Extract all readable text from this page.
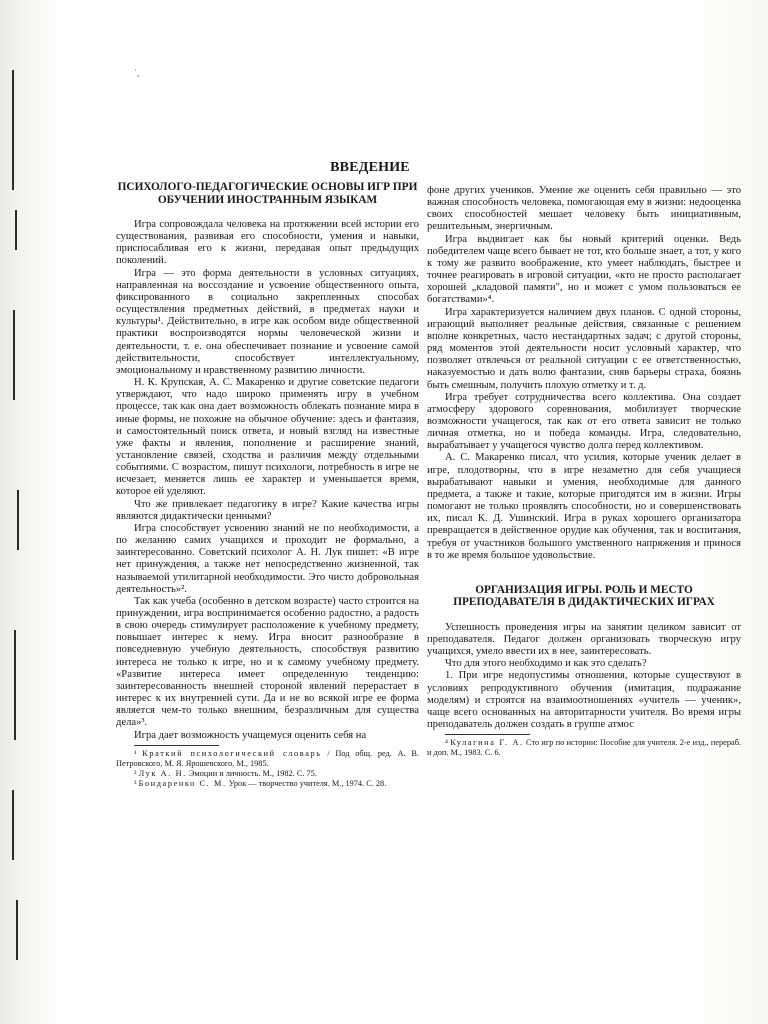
˙,
ВВЕДЕНИЕ
ПСИХОЛОГО-ПЕДАГОГИЧЕСКИЕ ОСНОВЫ ИГР ПРИ ОБУЧЕНИИ ИНОСТРАННЫМ ЯЗЫКАМ

Игра сопровождала человека на протяжении всей истории его существования, развивая его способности, умения и навыки, приспосабливая его к жизни, передавая опыт предыдущих поколений.

Игра — это форма деятельности в условных ситуациях, направленная на воссоздание и усвоение общественного опыта, фиксированного в социально закрепленных способах осуществления предметных действий, в предметах науки и культуры¹. Действительно, в игре как особом виде общественной практики воспроизводятся нормы человеческой жизни и деятельности, т. е. она обеспечивает познание и усвоение самой действительности, способствует интеллектуальному, эмоциональному и нравственному развитию личности.

Н. К. Крупская, А. С. Макаренко и другие советские педагоги утверждают, что надо широко применять игру в учебном процессе, так как она дает возможность облекать познание мира в иные формы, не похожие на обычное обучение: здесь и фантазия, и самостоятельный поиск ответа, и новый взгляд на известные уже факты и явления, пополнение и расширение знаний, установление связей, сходства и различия между отдельными событиями. С возрастом, пишут психологи, потребность в игре не исчезает, меняется лишь ее характер и уменьшается время, которое ей уделяют.

Что же привлекает педагогику в игре? Какие качества игры являются дидактически ценными?

Игра способствует усвоению знаний не по необходимости, а по желанию самих учащихся и проходит не формально, а заинтересованно. Советский психолог А. Н. Лук пишет: «В игре нет принуждения, а также нет непосредственно жизненной, так называемой утилитарной необходимости. Это чисто добровольная деятельность»².

Так как учеба (особенно в детском возрасте) часто строится на принуждении, игра воспринимается особенно радостно, а радость в свою очередь стимулирует расположение к учебному предмету, повышает интерес к нему. Игра вносит разнообразие в повседневную учебную деятельность, способствуя развитию интереса не только к игре, но и к самому учебному предмету. «Развитие интереса имеет определенную тенденцию: заинтересованность внешней стороной явлений перерастает в интерес к их внутренней сути. Да и не во всякой игре ее форма является чем-то только внешним, безразличным для существа дела»³.

Игра дает возможность учащемуся оценить себя на

¹ Краткий психологический словарь / Под общ. ред. А. В. Петровского, М. Я. Ярошевского. М., 1985.

² Лук А. Н. Эмоции и личность. М., 1982. С. 75.

³ Бондаренко С. М. Урок — творчество учителя. М., 1974. С. 28.

фоне других учеников. Умение же оценить себя правильно — это важная способность человека, помогающая ему в жизни: недооценка своих способностей мешает человеку быть инициативным, решительным, энергичным.

Игра выдвигает как бы новый критерий оценки. Ведь победителем чаще всего бывает не тот, кто больше знает, а тот, у кого к тому же развито воображение, кто умеет наблюдать, быстрее и точнее реагировать в игровой ситуации, «кто не просто располагает хорошей „кладовой памяти", но и может с умом пользоваться ее богатствами»⁴.

Игра характеризуется наличием двух планов. С одной стороны, играющий выполняет реальные действия, связанные с решением вполне конкретных, часто нестандартных задач; с другой стороны, ряд моментов этой деятельности носит условный характер, что позволяет отвлечься от реальной ситуации с ее ответственностью, наказуемостью и дать волю фантазии, сняв барьеры страха, боязнь быть смешным, получить плохую отметку и т. д.

Игра требует сотрудничества всего коллектива. Она создает атмосферу здорового соревнования, мобилизует творческие возможности учащегося, так как от его ответа зависит не только личная отметка, но и победа команды. Игра, следовательно, вырабатывает у учащегося чувство долга перед коллективом.

А. С. Макаренко писал, что усилия, которые ученик делает в игре, плодотворны, что в игре незаметно для себя учащиеся вырабатывают навыки и умения, необходимые для данного предмета, а также и такие, которые пригодятся им в жизни. Игры помогают не только проявлять способности, но и совершенствовать их, писал К. Д. Ушинский. Игра в руках хорошего организатора превращается в действенное орудие как обучения, так и воспитания, требуя от участников большого умственного напряжения и принося в то же время большое удовольствие.

ОРГАНИЗАЦИЯ ИГРЫ. РОЛЬ И МЕСТО ПРЕПОДАВАТЕЛЯ В ДИДАКТИЧЕСКИХ ИГРАХ

Успешность проведения игры на занятии целиком зависит от преподавателя. Педагог должен организовать творческую игру учащихся, умело ввести их в нее, заинтересовать.

Что для этого необходимо и как это сделать?

1. При игре недопустимы отношения, которые существуют в условиях репродуктивного обучения (имитация, подражание моделям) и строятся на взаимоотношениях «учитель — ученик», чаще всего основанных на авторитарности учителя. Во время игры преподаватель должен создать в группе атмос

⁴ Кулагина Г. А. Сто игр по истории: Пособие для учителя. 2-е изд., перераб. и доп. М., 1983. С. 6.
